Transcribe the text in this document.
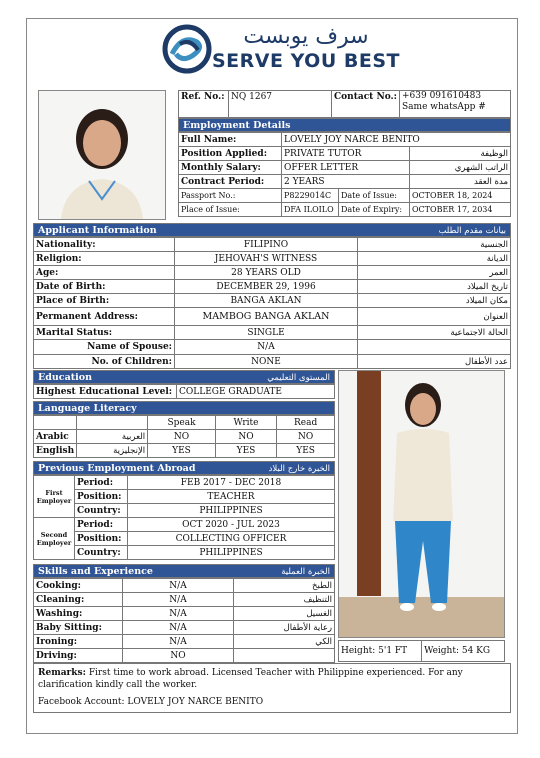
سرف يوبست
SERVE YOU BEST
Ref. No.:	NQ 1267	Contact No.:	+639 091610483
Same whatsApp #
Employment Details
Full Name:	LOVELY JOY NARCE BENITO		
Position Applied:	PRIVATE TUTOR		الوظيفة
Monthly Salary:	OFFER LETTER		الراتب الشهري
Contract Period:	2 YEARS		مدة العقد
Passport No.:	P8229014C	Date of Issue:	OCTOBER 18, 2024
Place of Issue:	DFA ILOILO	Date of Expiry:	OCTOBER 17, 2034
Applicant Information	بيانات مقدم الطلب
Nationality:	FILIPINO	الجنسية
Religion:	JEHOVAH'S WITNESS	الديانة
Age:	28 YEARS OLD	العمر
Date of Birth:	DECEMBER 29, 1996	تاريخ الميلاد
Place of Birth:	BANGA AKLAN	مكان الميلاد
Permanent Address:	MAMBOG BANGA AKLAN	العنوان
Marital Status:	SINGLE	الحالة الاجتماعية
Name of Spouse:	N/A	
No. of Children:	NONE	عدد الأطفال
Education	المستوى التعليمي
Highest Educational Level:	COLLEGE GRADUATE
Language Literacy
		Speak	Write	Read
Arabic	العربية	NO	NO	NO
English	الإنجليزية	YES	YES	YES
Previous Employment Abroad	الخبرة خارج البلاد
First Employer	Period:	FEB 2017 - DEC 2018
	Position:	TEACHER
	Country:	PHILIPPINES
Second Employer	Period:	OCT 2020 - JUL 2023
	Position:	COLLECTING OFFICER
	Country:	PHILIPPINES
Skills and Experience	الخبرة العملية
Cooking:	N/A	الطبخ
Cleaning:	N/A	التنظيف
Washing:	N/A	الغسيل
Baby Sitting:	N/A	رعاية الأطفال
Ironing:	N/A	الكي
Driving:	NO		Height: 5'1 FT	Weight: 54 KG
Remarks: First time to work abroad. Licensed Teacher with Philippine experienced. For any clarification kindly call the worker.
Facebook Account: LOVELY JOY NARCE BENITO
